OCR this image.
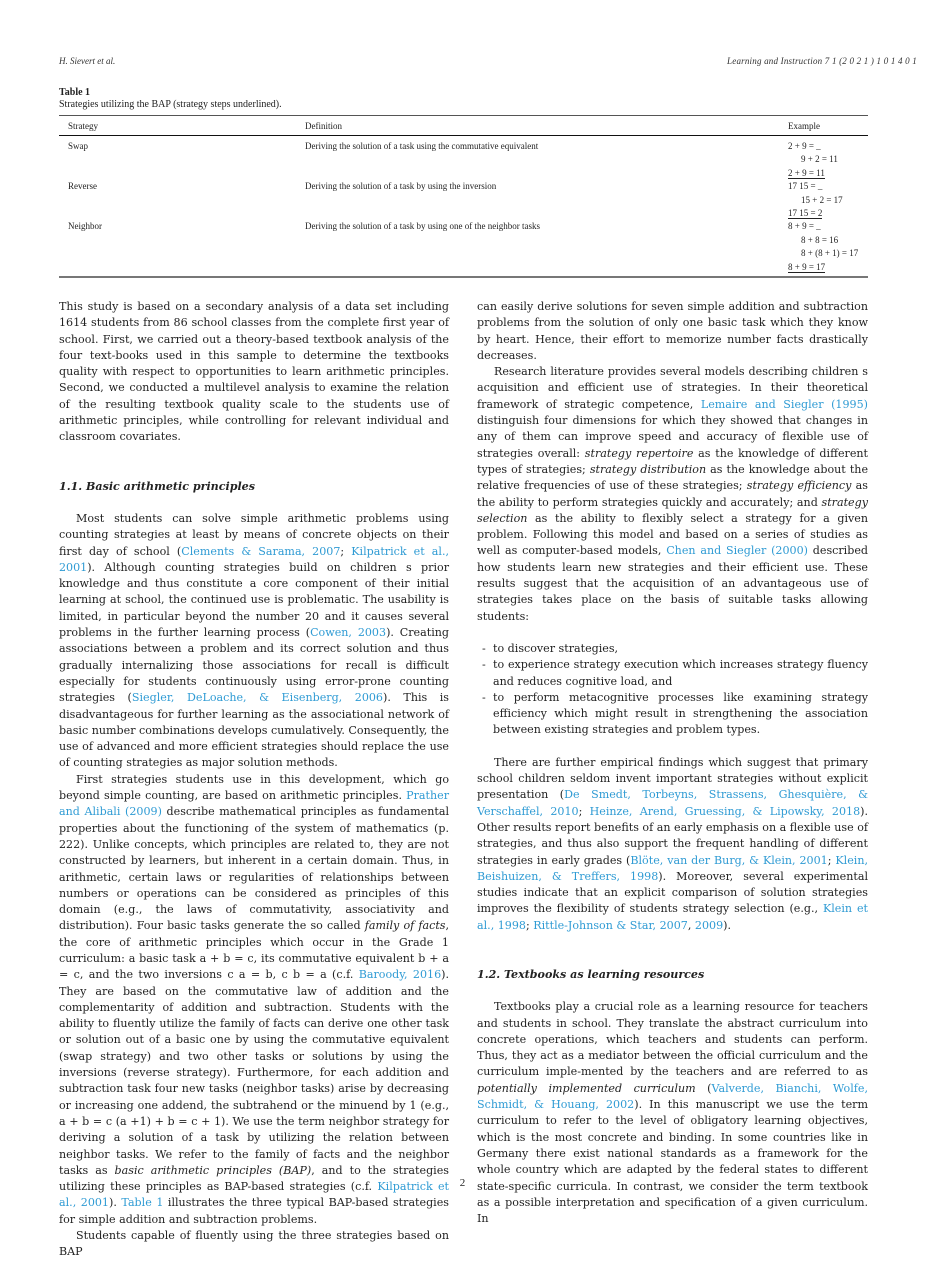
H. Sievert et al.	Learning and Instruction 7 1 (2 0 2 1 ) 1 0 1 4 0 1
Table 1
Strategies utilizing the BAP (strategy steps underlined).
Strategy	Definition	Example
Swap	Deriving the solution of a task using the commutative equivalent	2 + 9 = _
9 + 2 = 11
2 + 9 = 11

Reverse	Deriving the solution of a task by using the inversion	17 15 = _
15 + 2 = 17
17 15 = 2

Neighbor	Deriving the solution of a task by using one of the neighbor tasks	8 + 9 = _
8 + 8 = 16
8 + (8 + 1) = 17
8 + 9 = 17

This study is based on a secondary analysis of a data set including 1614 students from 86 school classes from the complete first year of school. First, we carried out a theory-based textbook analysis of the four text-books used in this sample to determine the textbooks quality with respect to opportunities to learn arithmetic principles. Second, we conducted a multilevel analysis to examine the relation of the resulting textbook quality scale to the students use of arithmetic principles, while controlling for relevant individual and classroom covariates.

1.1. Basic arithmetic principles

Most students can solve simple arithmetic problems using counting strategies at least by means of concrete objects on their first day of school (Clements & Sarama, 2007; Kilpatrick et al., 2001). Although counting strategies build on children s prior knowledge and thus constitute a core component of their initial learning at school, the continued use is problematic. The usability is limited, in particular beyond the number 20 and it causes several problems in the further learning process (Cowen, 2003). Creating associations between a problem and its correct solution and thus gradually internalizing those associations for recall is difficult especially for students continuously using error-prone counting strategies (Siegler, DeLoache, & Eisenberg, 2006). This is disadvantageous for further learning as the associational network of basic number combinations develops cumulatively. Consequently, the use of advanced and more efficient strategies should replace the use of counting strategies as major solution methods.

First strategies students use in this development, which go beyond simple counting, are based on arithmetic principles. Prather and Alibali (2009) describe mathematical principles as fundamental properties about the functioning of the system of mathematics (p. 222). Unlike concepts, which principles are related to, they are not constructed by learners, but inherent in a certain domain. Thus, in arithmetic, certain laws or regularities of relationships between numbers or operations can be considered as principles of this domain (e.g., the laws of commutativity, associativity and distribution). Four basic tasks generate the so called family of facts, the core of arithmetic principles which occur in the Grade 1 curriculum: a basic task a + b = c, its commutative equivalent b + a = c, and the two inversions c a = b, c b = a (c.f. Baroody, 2016). They are based on the commutative law of addition and the complementarity of addition and subtraction. Students with the ability to fluently utilize the family of facts can derive one other task or solution out of a basic one by using the commutative equivalent (swap strategy) and two other tasks or solutions by using the inversions (reverse strategy). Furthermore, for each addition and subtraction task four new tasks (neighbor tasks) arise by decreasing or increasing one addend, the subtrahend or the minuend by 1 (e.g., a + b = c (a +1) + b = c + 1). We use the term neighbor strategy for deriving a solution of a task by utilizing the relation between neighbor tasks. We refer to the family of facts and the neighbor tasks as basic arithmetic principles (BAP), and to the strategies utilizing these principles as BAP-based strategies (c.f. Kilpatrick et al., 2001). Table 1 illustrates the three typical BAP-based strategies for simple addition and subtraction problems.

Students capable of fluently using the three strategies based on BAP

can easily derive solutions for seven simple addition and subtraction problems from the solution of only one basic task which they know by heart. Hence, their effort to memorize number facts drastically decreases.

Research literature provides several models describing children s acquisition and efficient use of strategies. In their theoretical framework of strategic competence, Lemaire and Siegler (1995) distinguish four dimensions for which they showed that changes in any of them can improve speed and accuracy of flexible use of strategies overall: strategy repertoire as the knowledge of different types of strategies; strategy distribution as the knowledge about the relative frequencies of use of these strategies; strategy efficiency as the ability to perform strategies quickly and accurately; and strategy selection as the ability to flexibly select a strategy for a given problem. Following this model and based on a series of studies as well as computer-based models, Chen and Siegler (2000) described how students learn new strategies and their efficient use. These results suggest that the acquisition of an advantageous use of strategies takes place on the basis of suitable tasks allowing students:

- to discover strategies,
- to experience strategy execution which increases strategy fluency and reduces cognitive load, and
- to perform metacognitive processes like examining strategy efficiency which might result in strengthening the association between existing strategies and problem types.

There are further empirical findings which suggest that primary school children seldom invent important strategies without explicit presentation (De Smedt, Torbeyns, Strassens, Ghesquière, & Verschaffel, 2010; Heinze, Arend, Gruessing, & Lipowsky, 2018). Other results report benefits of an early emphasis on a flexible use of strategies, and thus also support the frequent handling of different strategies in early grades (Blöte, van der Burg, & Klein, 2001; Klein, Beishuizen, & Treffers, 1998). Moreover, several experimental studies indicate that an explicit comparison of solution strategies improves the flexibility of students strategy selection (e.g., Klein et al., 1998; Rittle-Johnson & Star, 2007, 2009).

1.2. Textbooks as learning resources

Textbooks play a crucial role as a learning resource for teachers and students in school. They translate the abstract curriculum into concrete operations, which teachers and students can perform. Thus, they act as a mediator between the official curriculum and the curriculum imple-mented by the teachers and are referred to as potentially implemented curriculum (Valverde, Bianchi, Wolfe, Schmidt, & Houang, 2002). In this manuscript we use the term curriculum to refer to the level of obligatory learning objectives, which is the most concrete and binding. In some countries like in Germany there exist national standards as a framework for the whole country which are adapted by the federal states to different state-specific curricula. In contrast, we consider the term textbook as a possible interpretation and specification of a given curriculum. In

2
